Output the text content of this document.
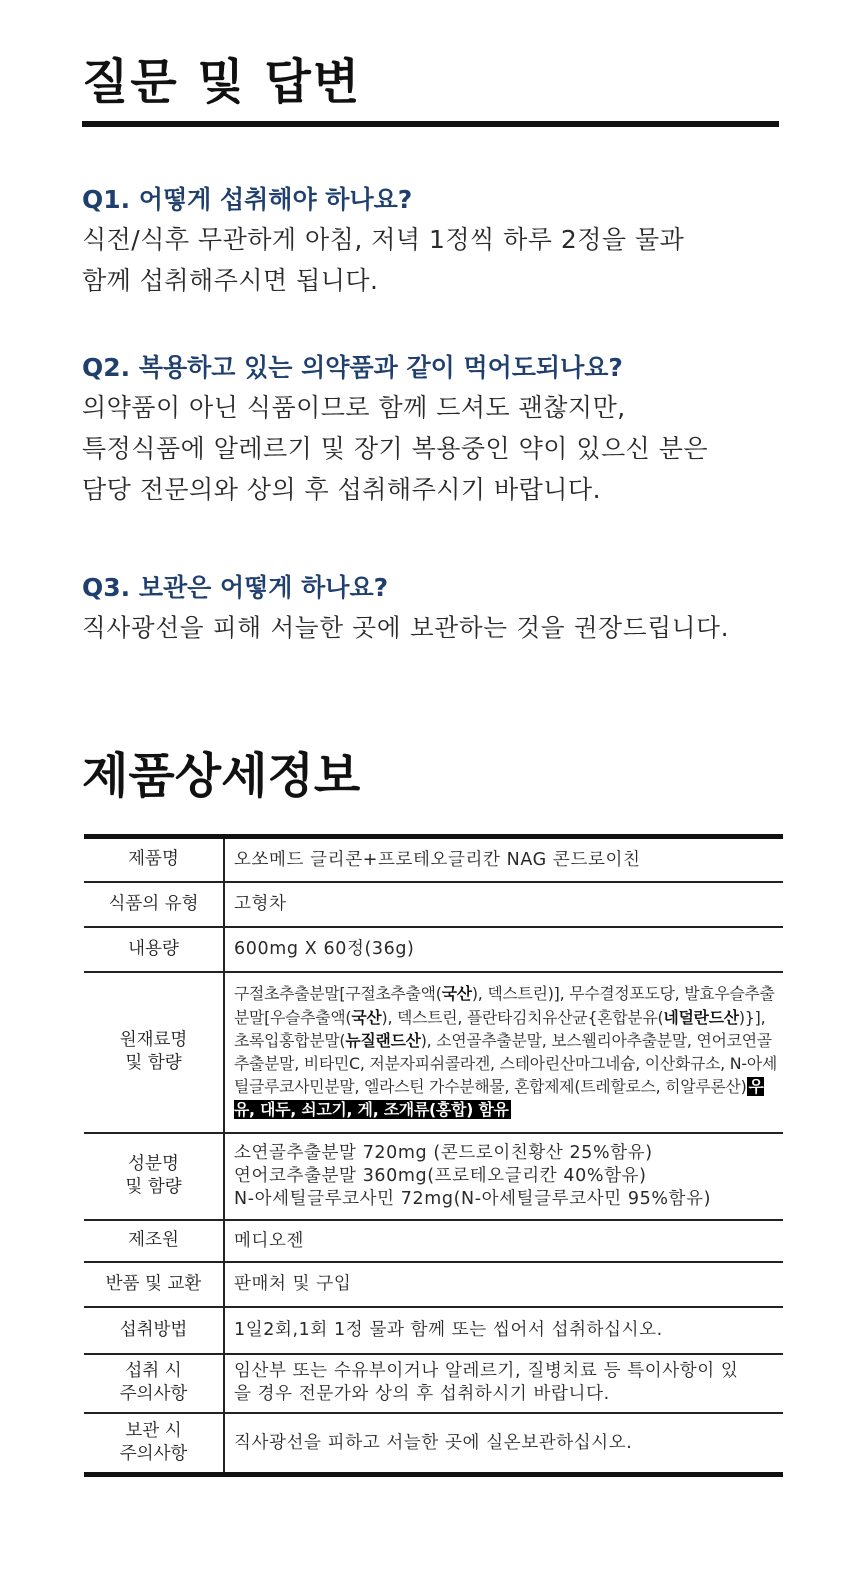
질문 및 답변

Q1. 어떻게 섭취해야 하나요?

식전/식후 무관하게 아침, 저녁 1정씩 하루 2정을 물과
함께 섭취해주시면 됩니다.

Q2. 복용하고 있는 의약품과 같이 먹어도되나요?

의약품이 아닌 식품이므로 함께 드셔도 괜찮지만,
특정식품에 알레르기 및 장기 복용중인 약이 있으신 분은
담당 전문의와 상의 후 섭취해주시기 바랍니다.

Q3. 보관은 어떻게 하나요?

직사광선을 피해 서늘한 곳에 보관하는 것을 권장드립니다.

제품상세정보
제품명	오쏘메드 글리콘+프로테오글리칸 NAG 콘드로이친
식품의 유형	고형차
내용량	600mg X 60정(36g)

원재료명
및 함량	구절초추출분말[구절초추출액(국산), 덱스트린)], 무수결정포도당, 발효우슬추출분말[우슬추출액(국산), 덱스트린, 플란타김치유산균{혼합분유(네덜란드산)}], 초록입홍합분말(뉴질랜드산), 소연골추출분말, 보스웰리아추출분말, 연어코연골추출분말, 비타민C, 저분자피쉬콜라겐, 스테아린산마그네슘, 이산화규소, N-아세틸글루코사민분말, 엘라스틴 가수분해물, 혼합제제(트레할로스, 히알루론산) 우유, 대두, 쇠고기, 게, 조개류(홍합) 함유

성분명
및 함량	소연골추출분말 720mg (콘드로이친황산 25%함유)
연어코추출분말 360mg(프로테오글리칸 40%함유)
N-아세틸글루코사민 72mg(N-아세틸글루코사민 95%함유)

제조원	메디오젠
반품 및 교환	판매처 및 구입
섭취방법	1일2회,1회 1정 물과 함께 또는 씹어서 섭취하십시오.

섭취 시
주의사항	임산부 또는 수유부이거나 알레르기, 질병치료 등 특이사항이 있
을 경우 전문가와 상의 후 섭취하시기 바랍니다.

보관 시
주의사항	직사광선을 피하고 서늘한 곳에 실온보관하십시오.
